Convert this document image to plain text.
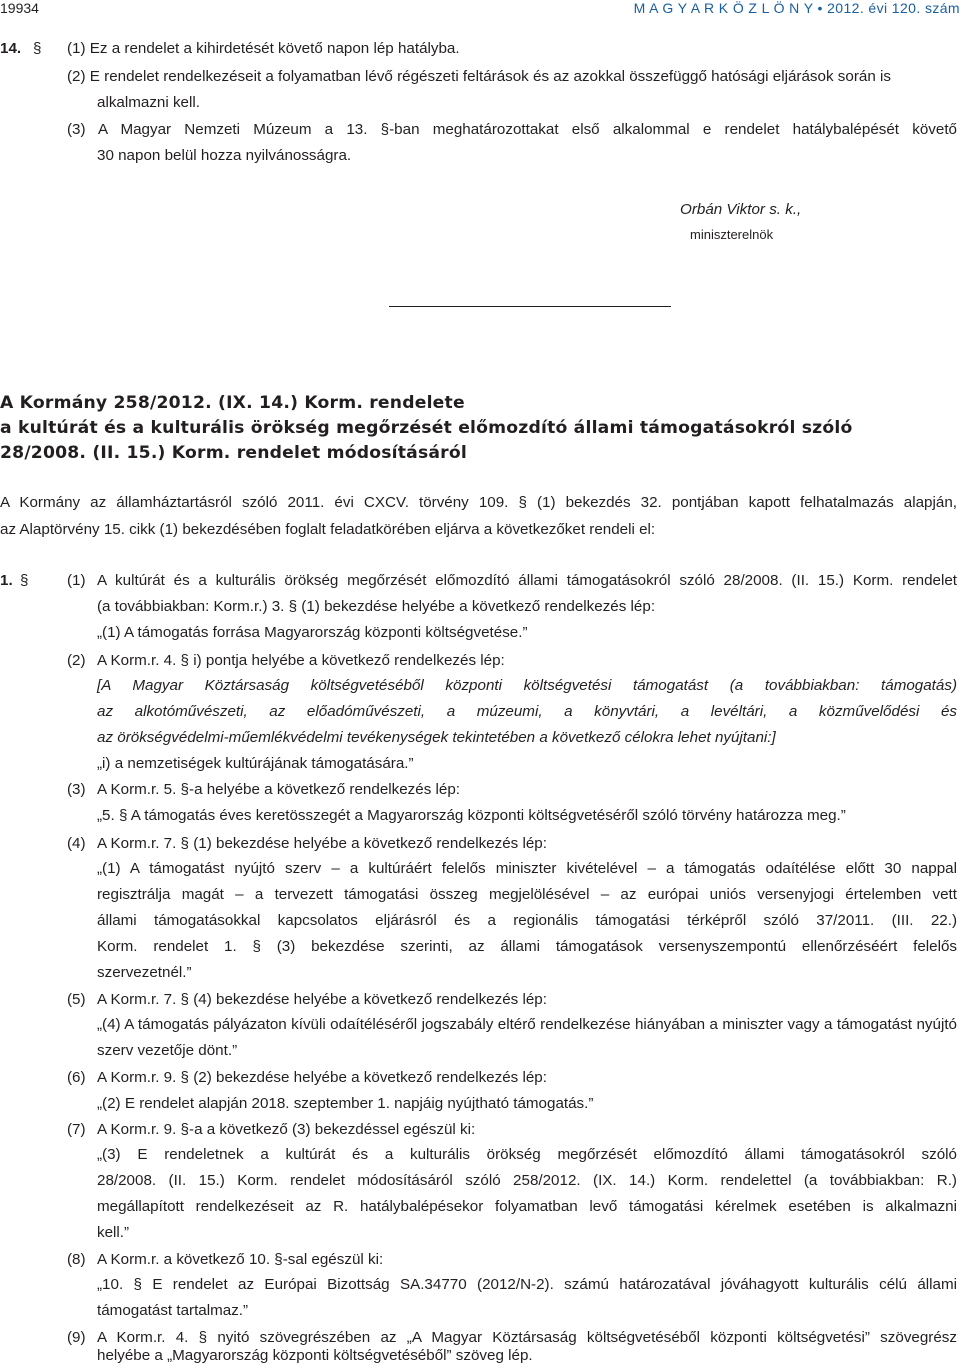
19934	M A G Y A R K Ö Z L Ö N Y • 2012. évi 120. szám
14. § (1) Ez a rendelet a kihirdetését követő napon lép hatályba.
(2) E rendelet rendelkezéseit a folyamatban lévő régészeti feltárások és az azokkal összefüggő hatósági eljárások során is
alkalmazni kell.
(3) A Magyar Nemzeti Múzeum a 13. §-ban meghatározottakat első alkalommal e rendelet hatálybalépését követő
30 napon belül hozza nyilvánosságra.
Orbán Viktor s. k.,
miniszterelnök
A Kormány 258/2012. (IX. 14.) Korm. rendelete
a kultúrát és a kulturális örökség megőrzését előmozdító állami támogatásokról szóló
28/2008. (II. 15.) Korm. rendelet módosításáról
A Kormány az államháztartásról szóló 2011. évi CXCV. törvény 109. § (1) bekezdés 32. pontjában kapott felhatalmazás alapján,
az Alaptörvény 15. cikk (1) bekezdésében foglalt feladatkörében eljárva a következőket rendeli el:
1. §	(1) A kultúrát és a kulturális örökség megőrzését előmozdító állami támogatásokról szóló 28/2008. (II. 15.) Korm. rendelet
(a továbbiakban: Korm.r.) 3. § (1) bekezdése helyébe a következő rendelkezés lép:
„(1) A támogatás forrása Magyarország központi költségvetése.”
(2) A Korm.r. 4. § i) pontja helyébe a következő rendelkezés lép:
[A Magyar Köztársaság költségvetéséből központi költségvetési támogatást (a továbbiakban: támogatás)
az alkotóművészeti, az előadóművészeti, a múzeumi, a könyvtári, a levéltári, a közművelődési és
az örökségvédelmi-műemlékvédelmi tevékenységek tekintetében a következő célokra lehet nyújtani:]
„i) a nemzetiségek kultúrájának támogatására.”
(3) A Korm.r. 5. §-a helyébe a következő rendelkezés lép:
„5. § A támogatás éves keretösszegét a Magyarország központi költségvetéséről szóló törvény határozza meg.”
(4) A Korm.r. 7. § (1) bekezdése helyébe a következő rendelkezés lép:
„(1) A támogatást nyújtó szerv – a kultúráért felelős miniszter kivételével – a támogatás odaítélése előtt 30 nappal
regisztrálja magát – a tervezett támogatási összeg megjelölésével – az európai uniós versenyjogi értelemben vett
állami támogatásokkal kapcsolatos eljárásról és a regionális támogatási térképről szóló 37/2011. (III. 22.)
Korm. rendelet 1. § (3) bekezdése szerinti, az állami támogatások versenyszempontú ellenőrzéséért felelős
szervezetnél.”
(5) A Korm.r. 7. § (4) bekezdése helyébe a következő rendelkezés lép:
„(4) A támogatás pályázaton kívüli odaítéléséről jogszabály eltérő rendelkezése hiányában a miniszter vagy a támogatást nyújtó
szerv vezetője dönt.”
(6) A Korm.r. 9. § (2) bekezdése helyébe a következő rendelkezés lép:
„(2) E rendelet alapján 2018. szeptember 1. napjáig nyújtható támogatás.”
(7) A Korm.r. 9. §-a a következő (3) bekezdéssel egészül ki:
„(3) E rendeletnek a kultúrát és a kulturális örökség megőrzését előmozdító állami támogatásokról szóló
28/2008. (II. 15.) Korm. rendelet módosításáról szóló 258/2012. (IX. 14.) Korm. rendelettel (a továbbiakban: R.)
megállapított rendelkezéseit az R. hatálybalépésekor folyamatban levő támogatási kérelmek esetében is alkalmazni
kell.”
(8) A Korm.r. a következő 10. §-sal egészül ki:
„10. § E rendelet az Európai Bizottság SA.34770 (2012/N-2). számú határozatával jóváhagyott kulturális célú állami
támogatást tartalmaz.”
(9) A Korm.r. 4. § nyitó szövegrészében az „A Magyar Köztársaság költségvetéséből központi költségvetési” szövegrész
helyébe a „Magyarország központi költségvetéséből” szöveg lép.
